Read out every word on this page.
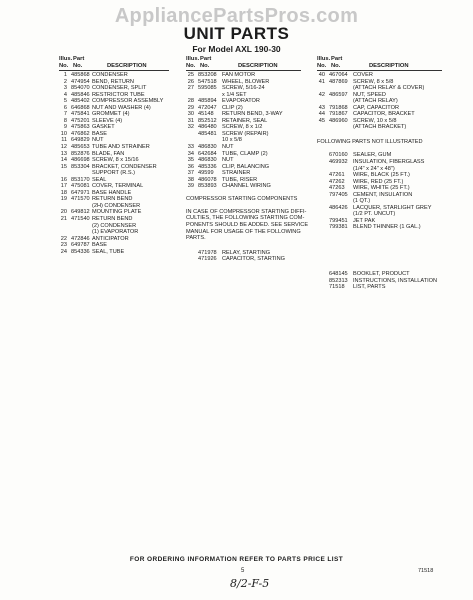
AppliancePartsPros.com
UNIT PARTS
For Model AXL 190-30
Illus. Part
No. No.	DESCRIPTION
1 485868 CONDENSER
2 474954 BEND, RETURN
3 854070 CONDENSER, SPLIT
4 485846 RESTRICTOR TUBE
5 485402 COMPRESSOR ASSEMBLY
6 646868 NUT AND WASHER (4)
7 475841 GROMMET (4)
8 475201 SLEEVE (4)
9 475863 GASKET
10 476862 BASE
11 649829 NUT
12 485653 TUBE AND STRAINER
13 852876 BLADE, FAN
14 486698 SCREW, 8 x 15/16
15 853304 BRACKET, CONDENSER
SUPPORT (R.S.)
16 853170 SEAL
17 475081 COVER, TERMINAL
18 647971 BASE HANDLE
19 471570 RETURN BEND
(2H) CONDENSER
20 649812 MOUNTING PLATE
21 471540 RETURN BEND
(2) CONDENSER
(1) EVAPORATOR
22 472846 ANTICIPATOR
23 649787 BASE
24 854336 SEAL, TUBE
Illus. Part
No. No.	DESCRIPTION
25 853208 FAN MOTOR
26 547518 WHEEL, BLOWER
27 595085 SCREW, 5/16-24
x 1/4 SET
28 485894 EVAPORATOR
29 472047 CLIP (2)
30 45148 RETURN BEND, 3-WAY
31 852512 RETAINER, SEAL
32 486480 SCREW, 8 x 1/2
485481 SCREW (REPAIR)
10 x 5/8
33 486830 NUT
34 642684 TUBE, CLAMP (2)
35 486830 NUT
36 485336 CLIP, BALANCING
37 49599 STRAINER
38 486078 TUBE, RISER
39 853893 CHANNEL WIRING
COMPRESSOR STARTING COMPONENTS

IN CASE OF COMPRESSOR STARTING DIFFI-
CULTIES, THE FOLLOWING STARTING COM-
PONENTS SHOULD BE ADDED. SEE SERVICE
MANUAL FOR USAGE OF THE FOLLOWING
PARTS.
471978 RELAY, STARTING
471926 CAPACITOR, STARTING
Illus. Part
No. No.	DESCRIPTION
40 467064 COVER
41 487869 SCREW, 8 x 5/8
(ATTACH RELAY & COVER)
42 486597 NUT, SPEED
(ATTACH RELAY)
43 791868 CAP, CAPACITOR
44 791867 CAPACITOR, BRACKET
45 486960 SCREW, 10 x 5/8
(ATTACH BRACKET)
FOLLOWING PARTS NOT ILLUSTRATED
670160 SEALER, GUM
469932 INSULATION, FIBERGLASS
(1/4" x 24" x 48")
47261 WIRE, BLACK (25 FT.)
47262 WIRE, RED (25 FT.)
47263 WIRE, WHITE (25 FT.)
797405 CEMENT, INSULATION
(1 QT.)
486426 LACQUER, STARLIGHT GREY
(1/2 PT. UNCUT)
799451 JET PAK
799381 BLEND THINNER (1 GAL.)
648145 BOOKLET, PRODUCT
852313 INSTRUCTIONS, INSTALLATION
71518 LIST, PARTS
FOR ORDERING INFORMATION REFER TO PARTS PRICE LIST
5	71518
8/2-F-5
